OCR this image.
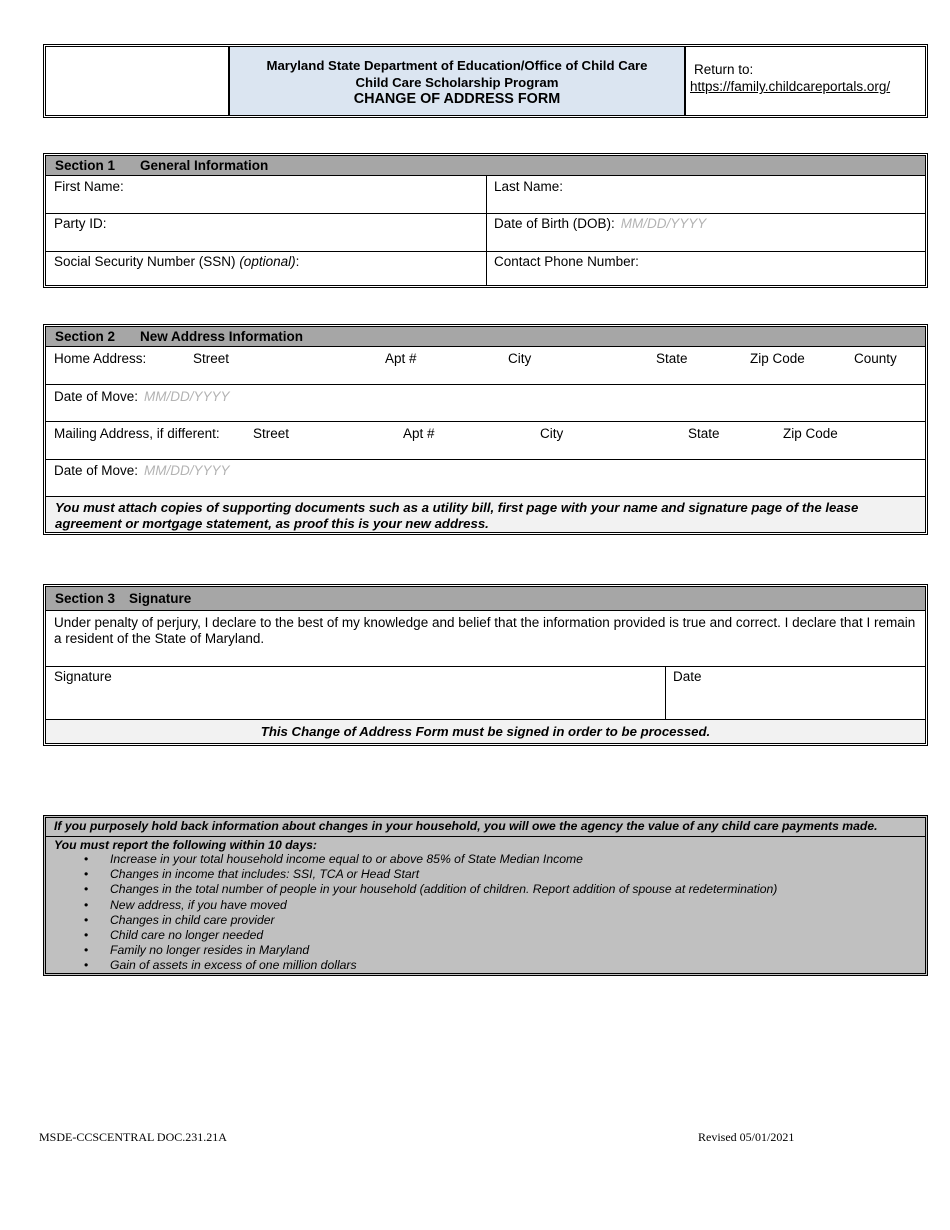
Maryland State Department of Education/Office of Child Care
Child Care Scholarship Program
CHANGE OF ADDRESS FORM
Return to:
https://family.childcareportals.org/
Section 1 General Information
First Name:	Last Name:
Party ID:	Date of Birth (DOB): MM/DD/YYYY
Social Security Number (SSN) (optional):	Contact Phone Number:
Section 2 New Address Information
Home Address:	Street	Apt #	City	State	Zip Code	County
Date of Move: MM/DD/YYYY
Mailing Address, if different: Street	Apt #	City	State	Zip Code
Date of Move: MM/DD/YYYY
You must attach copies of supporting documents such as a utility bill, first page with your name and signature page of the lease agreement or mortgage statement, as proof this is your new address.
Section 3 Signature
Under penalty of perjury, I declare to the best of my knowledge and belief that the information provided is true and correct. I declare that I remain a resident of the State of Maryland.
Signature	Date
This Change of Address Form must be signed in order to be processed.
If you purposely hold back information about changes in your household, you will owe the agency the value of any child care payments made.
You must report the following within 10 days:
• Increase in your total household income equal to or above 85% of State Median Income
• Changes in income that includes: SSI, TCA or Head Start
• Changes in the total number of people in your household (addition of children. Report addition of spouse at redetermination)
• New address, if you have moved
• Changes in child care provider
• Child care no longer needed
• Family no longer resides in Maryland
• Gain of assets in excess of one million dollars
MSDE-CCSCENTRAL DOC.231.21A	Revised 05/01/2021
